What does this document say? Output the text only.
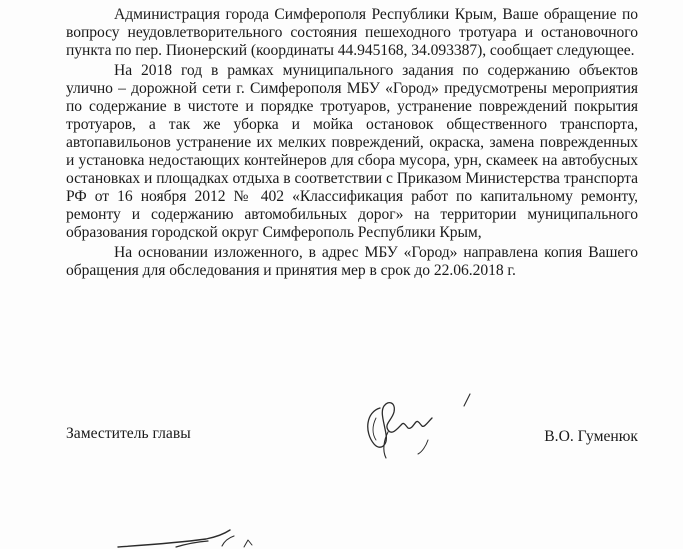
Администрация города Симферополя Республики Крым, Ваше обращение по вопросу неудовлетворительного состояния пешеходного тротуара и остановочного пункта по пер. Пионерский (координаты 44.945168, 34.093387), сообщает следующее.

На 2018 год в рамках муниципального задания по содержанию объектов улично – дорожной сети г. Симферополя МБУ «Город» предусмотрены мероприятия по содержание в чистоте и порядке тротуаров, устранение повреждений покрытия тротуаров, а так же уборка и мойка остановок общественного транспорта, автопавильонов устранение их мелких повреждений, окраска, замена поврежденных и установка недостающих контейнеров для сбора мусора, урн, скамеек на автобусных остановках и площадках отдыха в соответствии с Приказом Министерства транспорта РФ от 16 ноября 2012 № 402 «Классификация работ по капитальному ремонту, ремонту и содержанию автомобильных дорог» на территории муниципального образования городской округ Симферополь Республики Крым,

На основании изложенного, в адрес МБУ «Город» направлена копия Вашего обращения для обследования и принятия мер в срок до 22.06.2018 г.

Заместитель главы	В.О. Гуменюк
